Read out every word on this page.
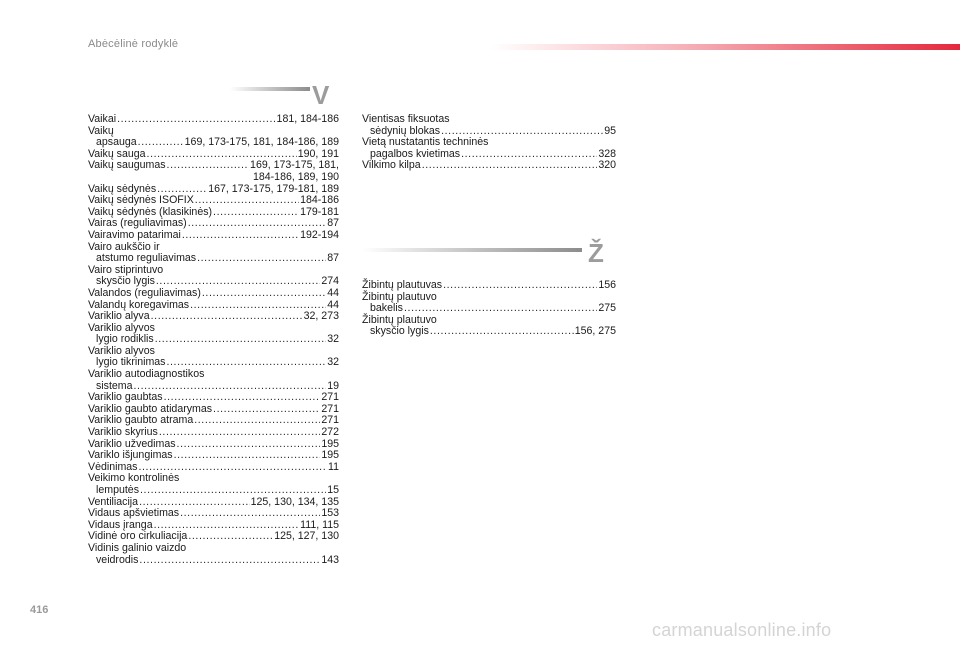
Abėcėlinė rodyklė
V
Ž
Vaikai .....	181, 184-186
Vaikų
apsauga .....	169, 173-175, 181, 184-186, 189
Vaikų sauga .....	190, 191
Vaikų saugumas .....	169, 173-175, 181,
184-186, 189, 190
Vaikų sėdynės .....	167, 173-175, 179-181, 189
Vaikų sėdynės ISOFIX .....	184-186
Vaikų sėdynės (klasikinės) .....	179-181
Vairas (reguliavimas) .....	87
Vairavimo patarimai .....	192-194
Vairo aukščio ir
atstumo reguliavimas .....	87
Vairo stiprintuvo
skysčio lygis .....	274
Valandos (reguliavimas) .....	44
Valandų koregavimas .....	44
Variklio alyva .....	32, 273
Variklio alyvos
lygio rodiklis .....	32
Variklio alyvos
lygio tikrinimas .....	32
Variklio autodiagnostikos
sistema .....	19
Variklio gaubtas .....	271
Variklio gaubto atidarymas .....	271
Variklio gaubto atrama .....	271
Variklio skyrius .....	272
Variklio užvedimas .....	195
Variklo išjungimas .....	195
Vėdinimas .....	11
Veikimo kontrolinės
lemputės .....	15
Ventiliacija .....	125, 130, 134, 135
Vidaus apšvietimas .....	153
Vidaus įranga .....	111, 115
Vidinė oro cirkuliacija .....	125, 127, 130
Vidinis galinio vaizdo
veidrodis .....	143
Vientisas fiksuotas
sėdynių blokas .....	95
Vietą nustatantis techninės
pagalbos kvietimas .....	328
Vilkimo kilpa .....	320
Žibintų plautuvas .....	156
Žibintų plautuvo
bakelis .....	275
Žibintų plautuvo
skysčio lygis .....	156, 275
416
carmanualsonline.info
